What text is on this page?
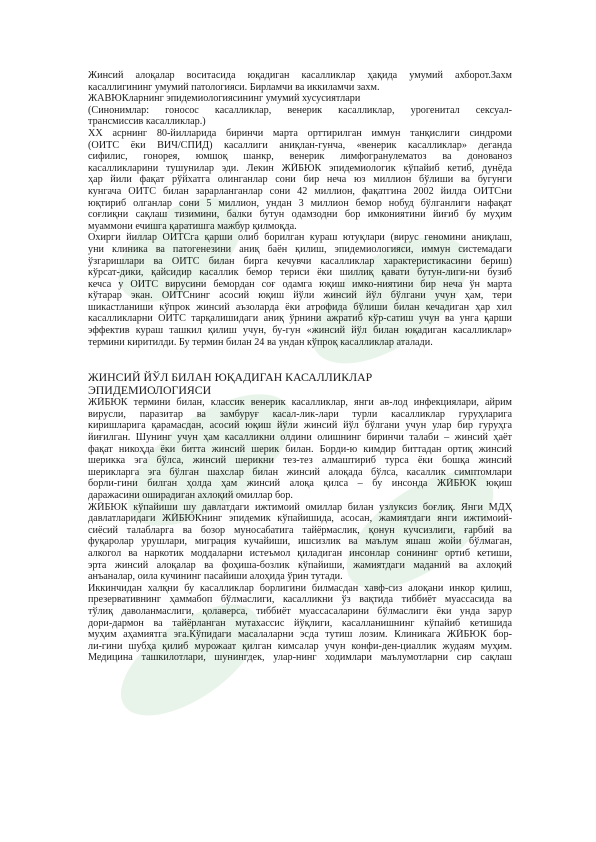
Жинсий алоқалар воситасида юқадиган касалликлар ҳақида умумий ахборот.Захм
касаллигининг умумий патологияси. Бирламчи ва иккиламчи захм.
ЖАВЮКларнинг эпидемиологиясининг умумий хусусиятлари
(Синонимлар: гонococ касалликлар, венерик касалликлар, урогенитал сексуал-
трансмиссив касалликлар.)
XX асрнинг 80-йилларида биринчи марта орттирилган иммун танқислиги синдроми
(ОИТС ёки ВИЧ/СПИД) касаллиги аниқлан-гунча, «венерик касалликлар» деганда
сифилис, гонорея, юмшоқ шанкр, венерик лимфогранулематоз ва донованоз
касалликларини тушунилар эди. Лекин ЖЙБЮК эпидемиологик кўпайиб кетиб, дунёда
ҳар йили фақат рўйхатга олинганлар сони бир неча юз миллион бўлиши ва бугунги
кунгача ОИТС билан зарарланганлар сони 42 миллион, фақатгина 2002 йилда ОИТСни
юқтириб олганлар сони 5 миллион, ундан 3 миллион бемор нобуд бўлганлиги нафақат
соғлиқни сақлаш тизимини, балки бутун одамзодни бор имкониятини йиғиб бу муҳим
муаммони ечишга қаратишга мажбур қилмоқда.
Охирги йиллар ОИТСга қарши олиб борилган кураш ютуқлари (вирус геномини аниқлаш,
уни клиника ва патогенезини аниқ баён қилиш, эпидемиологияси, иммун системадаги
ўзгаришлари ва ОИТС билан бирга кечувчи касалликлар характеристикасини бериш)
кўрсат-дики, қайсидир касаллик бемор териси ёки шиллиқ қавати бутун-лиги-ни бузиб
кечса у ОИТС вирусини бемордан соғ одамга юқиш имко-ниятини бир неча ўн марта
кўтарар экан. ОИТСнинг асосий юқиш йўли жинсий йўл бўлгани учун ҳам, тери
шикастланиши кўпрок жинсий аъзоларда ёки атрофида бўлиши билан кечадиган ҳар хил
касалликларни ОИТС тарқалишидаги аниқ ўрнини ажратиб кўр-сатиш учун ва унга қарши
эффектив кураш ташкил қилиш учун, бу-гун «жинсий йўл билан юқадиган касалликлар»
термини киритилди. Бу термин билан 24 ва ундан кўпроқ касалликлар аталади.
ЖИНСИЙ ЙЎЛ БИЛАН ЮҚАДИГАН КАСАЛЛИКЛАР
ЭПИДЕМИОЛОГИЯСИ
ЖЙБЮК термини билан, классик венерик касалликлар, янги ав-лод инфекциялари, айрим
вирусли, паразитар ва замбуруғ касал-лик-лари турли касалликлар гуруҳларига
киришларига қарамасдан, асосий юқиш йўли жинсий йўл бўлгани учун улар бир гуруҳга
йиғилган. Шунинг учун ҳам касалликни олдини олишнинг биринчи талаби – жинсий ҳаёт
фақат никоҳда ёки битта жинсий шерик билан. Борди-ю кимдир биттадан ортиқ жинсий
шерикка эга бўлса, жинсий шерикни тез-тез алмаштириб турса ёки бошқа жинсий
шерикларга эга бўлган шахслар билан жинсий алоқада бўлса, касаллик симптомлари
борли-гини билган ҳолда ҳам жинсий алоқа қилса – бу инсонда ЖЙБЮК юқиш
даражасини оширадиган ахлоқий омиллар бор.
ЖЙБЮК кўпайиши шу давлатдаги ижтимоий омиллар билан узлуксиз боғлиқ. Янги МДҲ
давлатларидаги ЖЙБЮКнинг эпидемик кўпайишида, асосан, жамиятдаги янги ижтимоий-
сиёсий талабларга ва бозор муносабатига тайёрмаслик, қонун кучсизлиги, ғарбий ва
фуқаролар урушлари, миграция кучайиши, ишсизлик ва маълум яшаш жойи бўлмаган,
алкогол ва наркотик моддаларни истеъмол қиладиган инсонлар сонининг ортиб кетиши,
эрта жинсий алоқалар ва фоҳиша-бозлик кўпайиши, жамиятдаги маданий ва ахлоқий
анъаналар, оила кучининг пасайиши алоҳида ўрин тутади.
Иккинчидан халқни бу касалликлар борлигини билмасдан хавф-сиз алоқани инкор қилиш,
презервативнинг ҳаммабоп бўлмаслиги, касалликни ўз вақтида тиббиёт муассасида ва
тўлиқ даволанмаслиги, қолаверса, тиббиёт муассасаларини бўлмаслиги ёки унда зарур
дори-дармон ва тайёрланган мутахассис йўқлиги, касалланишнинг кўпайиб кетишида
муҳим аҳамиятга эга.Кўпидаги масалаларни эсда тутиш лозим. Клиникага ЖЙБЮК бор-
ли-гини шубҳа қилиб мурожаат қилган кимсалар учун конфи-ден-циаллик жудаям муҳим.
Медицина ташкилотлари, шунингдек, улар-нинг ходимлари маълумотларни сир сақлаш
